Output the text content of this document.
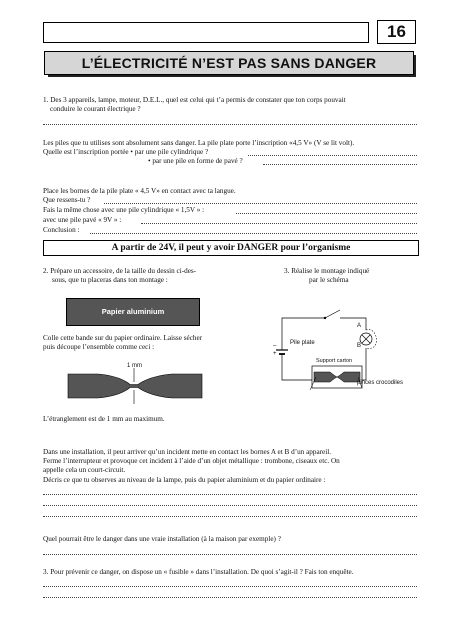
16
L’ÉLECTRICITÉ N’EST PAS SANS DANGER
1. Des 3 appareils, lampe, moteur, D.E.L., quel est celui qui t’a permis de constater que ton corps pouvait
conduire le courant électrique ?
Les piles que tu utilises sont absolument sans danger. La pile plate porte l’inscription «4,5 V» (V se lit volt).
Quelle est l’inscription portée • par une pile cylindrique ?
• par une pile en forme de pavé ?
Place les bornes de la pile plate « 4,5 V» en contact avec ta langue.
Que ressens-tu ?
Fais la même chose avec une pile cylindrique « 1,5V » :
avec une pile pavé « 9V » :
Conclusion :
A partir de 24V, il peut y avoir DANGER pour l’organisme
2. Prépare un accessoire, de la taille du dessin ci-des-
sous, que tu placeras dans ton montage :
Papier aluminium
Colle cette bande sur du papier ordinaire. Laisse sécher
puis découpe l’ensemble comme ceci :
1 mm
L’étranglement est de 1 mm au maximum.
3. Réalise le montage indiqué
par le schéma
A
B
Pile plate
–
+
Support carton
pinces crocodiles
Dans une installation, il peut arriver qu’un incident mette en contact les bornes A et B d’un appareil.
Ferme l’interrupteur et provoque cet incident à l’aide d’un objet métallique : trombone, ciseaux etc. On
appelle cela un court-circuit.
Décris ce que tu observes au niveau de la lampe, puis du papier aluminium et du papier ordinaire :
Quel pourrait être le danger dans une vraie installation (à la maison par exemple) ?
3. Pour prévenir ce danger, on dispose un « fusible » dans l’installation. De quoi s’agit-il ? Fais ton enquête.
